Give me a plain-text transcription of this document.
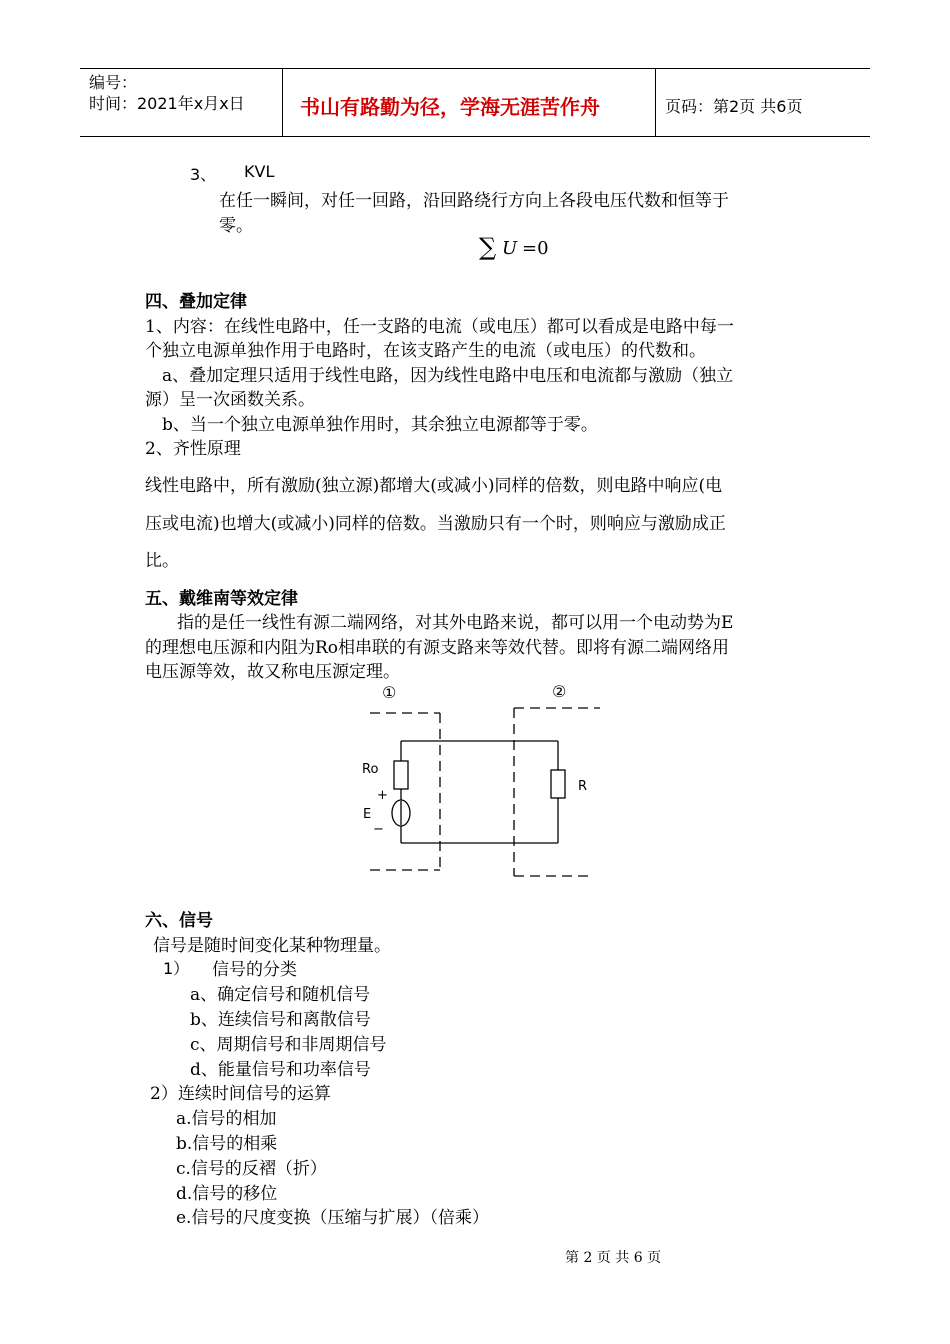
编号：
时间：2021年x月x日	书山有路勤为径，学海无涯苦作舟	页码：第2页 共6页
3、 KVL
在任一瞬间，对任一回路，沿回路绕行方向上各段电压代数和恒等于
零。
∑ U =0
四、叠加定律
1、内容：在线性电路中，任一支路的电流（或电压）都可以看成是电路中每一
个独立电源单独作用于电路时，在该支路产生的电流（或电压）的代数和。
a、叠加定理只适用于线性电路，因为线性电路中电压和电流都与激励（独立
源）呈一次函数关系。
b、当一个独立电源单独作用时，其余独立电源都等于零。
2、齐性原理
线性电路中，所有激励(独立源)都增大(或减小)同样的倍数，则电路中响应(电
压或电流)也增大(或减小)同样的倍数。当激励只有一个时，则响应与激励成正
比。
五、戴维南等效定律
指的是任一线性有源二端网络，对其外电路来说，都可以用一个电动势为E
的理想电压源和内阻为Ro相串联的有源支路来等效代替。即将有源二端网络用
电压源等效，故又称电压源定理。
①	②
Ro
+
E
−
R
六、信号
信号是随时间变化某种物理量。
1） 信号的分类
a、确定信号和随机信号
b、连续信号和离散信号
c、周期信号和非周期信号
d、能量信号和功率信号
2）连续时间信号的运算
a.信号的相加
b.信号的相乘
c.信号的反褶（折）
d.信号的移位
e.信号的尺度变换（压缩与扩展）（倍乘）
第 2 页 共 6 页
